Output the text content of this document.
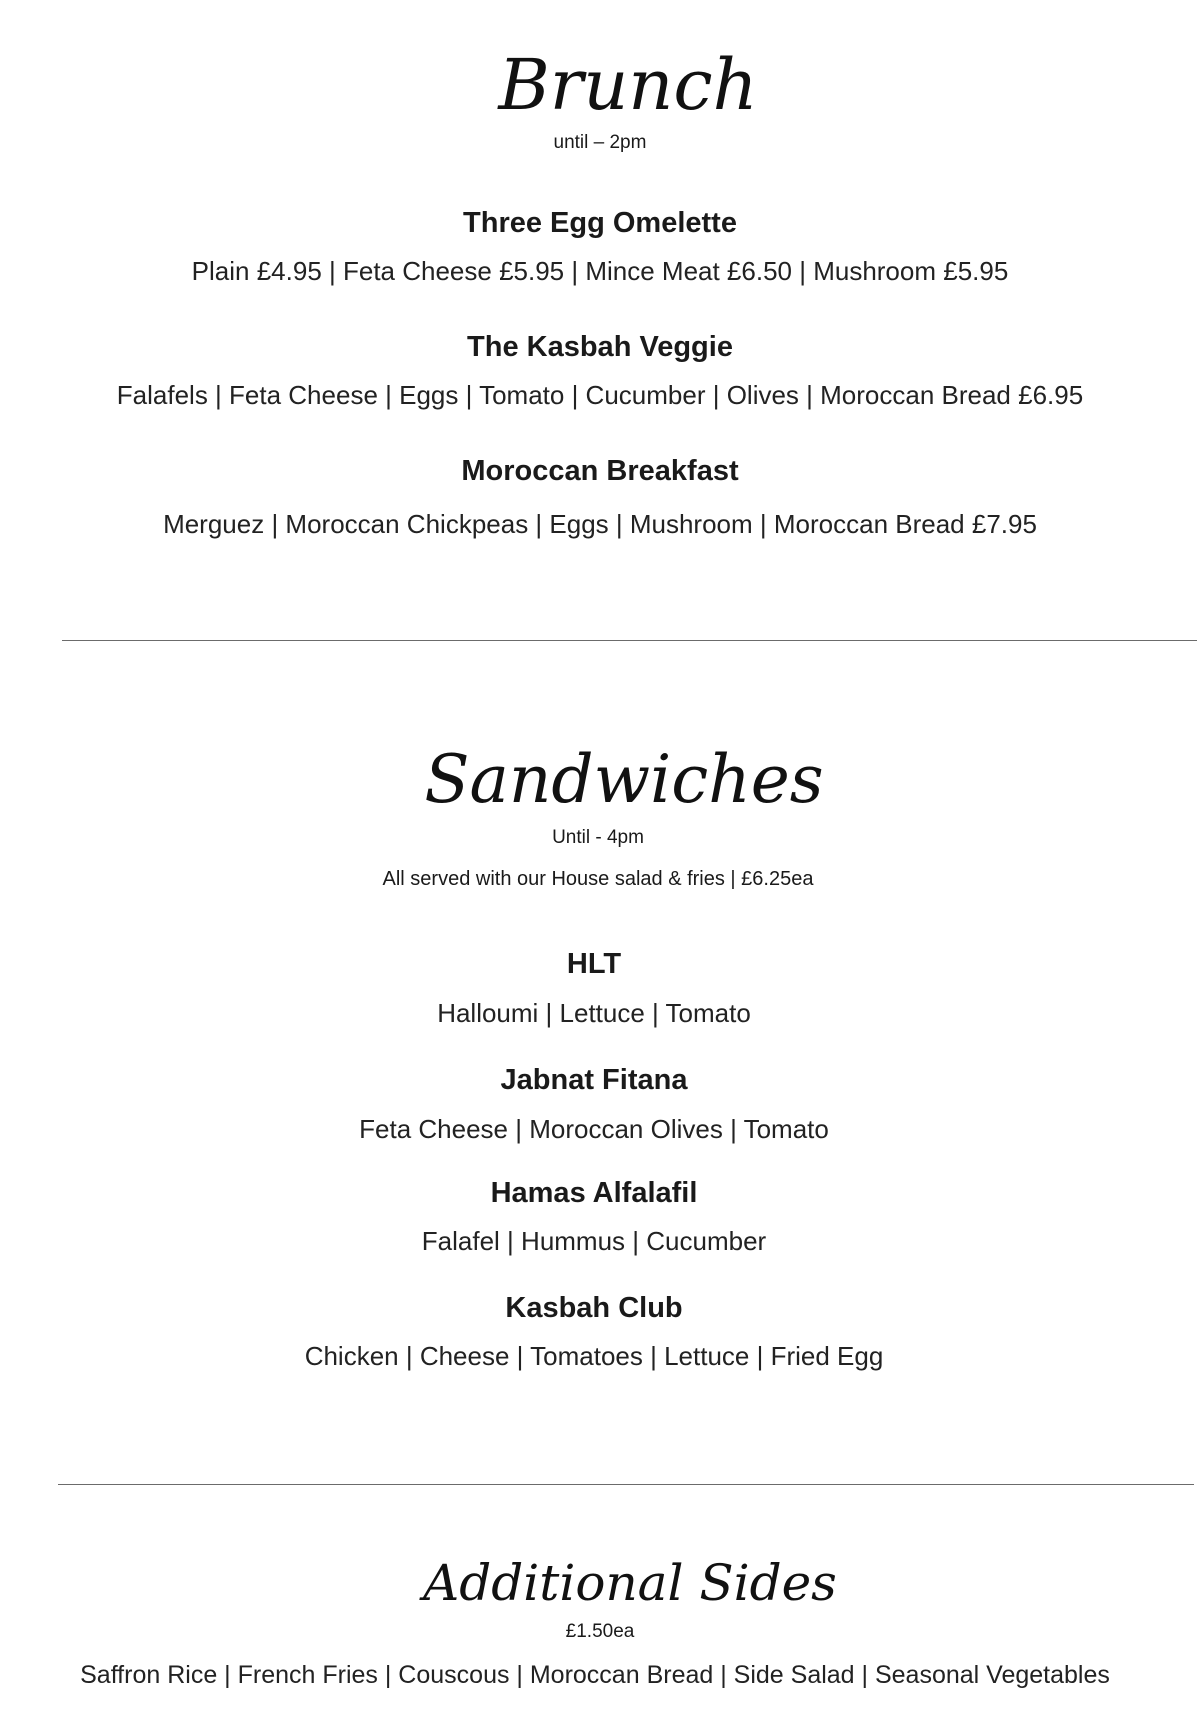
Brunch
until – 2pm
Three Egg Omelette
Plain £4.95 | Feta Cheese £5.95 | Mince Meat £6.50 | Mushroom £5.95
The Kasbah Veggie
Falafels | Feta Cheese | Eggs | Tomato | Cucumber | Olives | Moroccan Bread £6.95
Moroccan Breakfast
Merguez | Moroccan Chickpeas | Eggs | Mushroom | Moroccan Bread £7.95
Sandwiches
Until - 4pm
All served with our House salad & fries | £6.25ea
HLT
Halloumi | Lettuce | Tomato
Jabnat Fitana
Feta Cheese | Moroccan Olives | Tomato
Hamas Alfalafil
Falafel | Hummus | Cucumber
Kasbah Club
Chicken | Cheese | Tomatoes | Lettuce | Fried Egg
Additional Sides
£1.50ea
Saffron Rice | French Fries | Couscous | Moroccan Bread | Side Salad | Seasonal Vegetables
